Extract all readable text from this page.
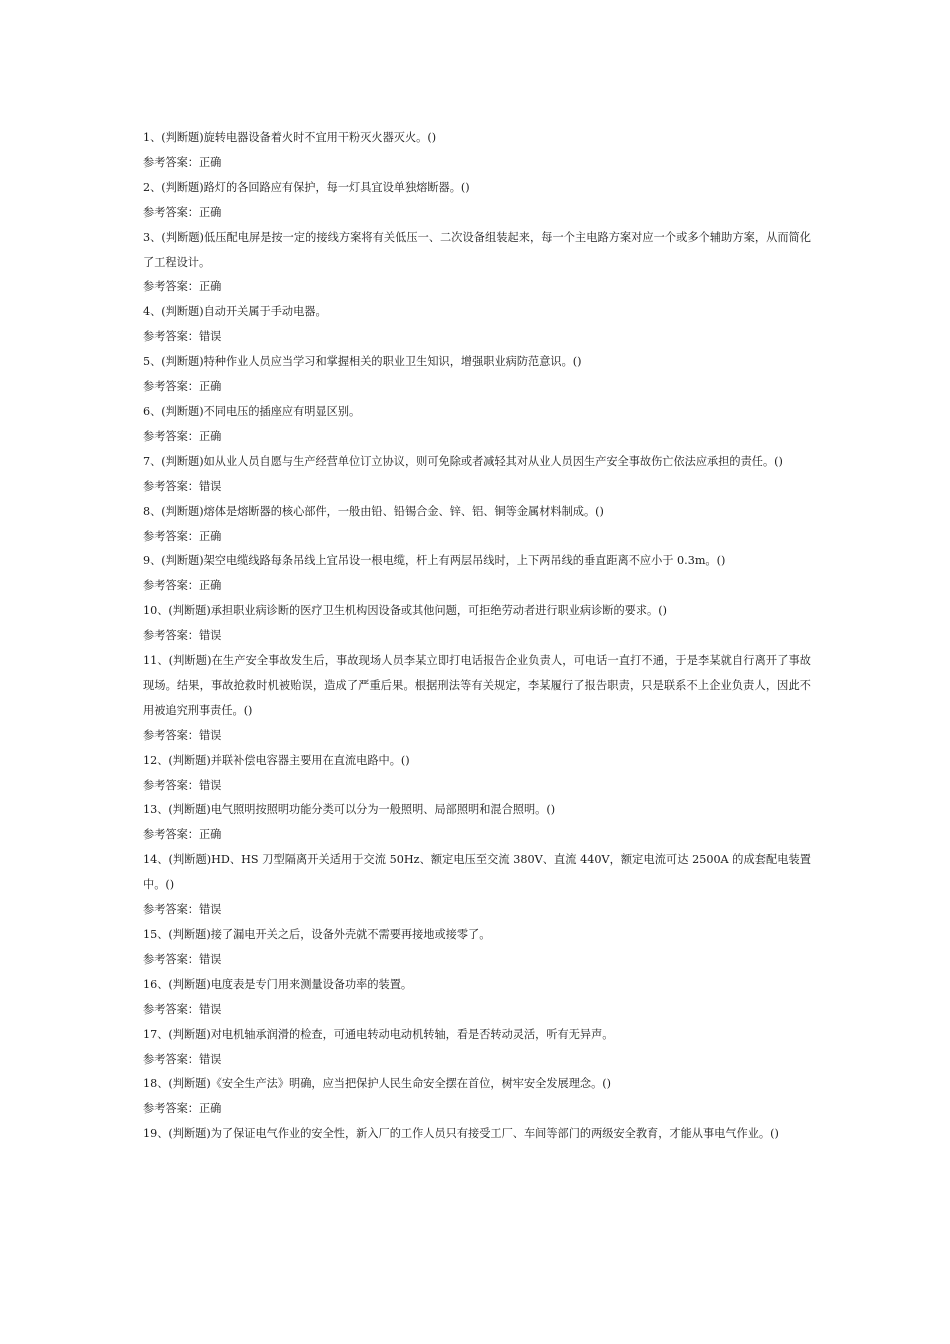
1、(判断题)旋转电器设备着火时不宜用干粉灭火器灭火。()

参考答案：正确

2、(判断题)路灯的各回路应有保护，每一灯具宜设单独熔断器。()

参考答案：正确

3、(判断题)低压配电屏是按一定的接线方案将有关低压一、二次设备组装起来，每一个主电路方案对应一个或多个辅助方案，从而简化了工程设计。

参考答案：正确

4、(判断题)自动开关属于手动电器。

参考答案：错误

5、(判断题)特种作业人员应当学习和掌握相关的职业卫生知识，增强职业病防范意识。()

参考答案：正确

6、(判断题)不同电压的插座应有明显区别。

参考答案：正确

7、(判断题)如从业人员自愿与生产经营单位订立协议，则可免除或者减轻其对从业人员因生产安全事故伤亡依法应承担的责任。()

参考答案：错误

8、(判断题)熔体是熔断器的核心部件，一般由铅、铅锡合金、锌、铝、铜等金属材料制成。()

参考答案：正确

9、(判断题)架空电缆线路每条吊线上宜吊设一根电缆，杆上有两层吊线时，上下两吊线的垂直距离不应小于 0.3m。()

参考答案：正确

10、(判断题)承担职业病诊断的医疗卫生机构因设备或其他问题，可拒绝劳动者进行职业病诊断的要求。()

参考答案：错误

11、(判断题)在生产安全事故发生后，事故现场人员李某立即打电话报告企业负责人，可电话一直打不通，于是李某就自行离开了事故现场。结果，事故抢救时机被贻误，造成了严重后果。根据刑法等有关规定，李某履行了报告职责，只是联系不上企业负责人，因此不用被追究刑事责任。()

参考答案：错误

12、(判断题)并联补偿电容器主要用在直流电路中。()

参考答案：错误

13、(判断题)电气照明按照明功能分类可以分为一般照明、局部照明和混合照明。()

参考答案：正确

14、(判断题)HD、HS 刀型隔离开关适用于交流 50Hz、额定电压至交流 380V、直流 440V，额定电流可达 2500A 的成套配电装置中。()

参考答案：错误

15、(判断题)接了漏电开关之后，设备外壳就不需要再接地或接零了。

参考答案：错误

16、(判断题)电度表是专门用来测量设备功率的装置。

参考答案：错误

17、(判断题)对电机轴承润滑的检查，可通电转动电动机转轴，看是否转动灵活，听有无异声。

参考答案：错误

18、(判断题)《安全生产法》明确，应当把保护人民生命安全摆在首位，树牢安全发展理念。()

参考答案：正确

19、(判断题)为了保证电气作业的安全性，新入厂的工作人员只有接受工厂、车间等部门的两级安全教育，才能从事电气作业。()
